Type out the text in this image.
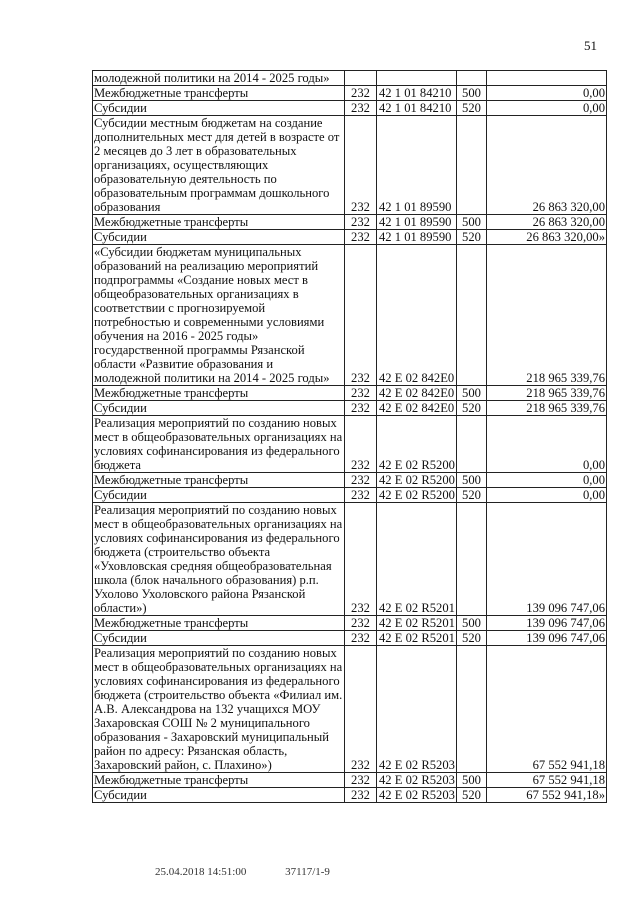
51
молодежной политики на 2014 - 2025 годы»				
Межбюджетные трансферты	232	42 1 01 84210	500	0,00
Субсидии	232	42 1 01 84210	520	0,00
Субсидии местным бюджетам на создание дополнительных мест для детей в возрасте от 2 месяцев до 3 лет в образовательных организациях, осуществляющих образовательную деятельность по образовательным программам дошкольного образования	232	42 1 01 89590		26 863 320,00
Межбюджетные трансферты	232	42 1 01 89590	500	26 863 320,00
Субсидии	232	42 1 01 89590	520	26 863 320,00»
«Субсидии бюджетам муниципальных образований на реализацию мероприятий подпрограммы «Создание новых мест в общеобразовательных организациях в соответствии с прогнозируемой потребностью и современными условиями обучения на 2016 - 2025 годы» государственной программы Рязанской области «Развитие образования и молодежной политики на 2014 - 2025 годы»	232	42 Е 02 842Е0		218 965 339,76
Межбюджетные трансферты	232	42 Е 02 842Е0	500	218 965 339,76
Субсидии	232	42 Е 02 842Е0	520	218 965 339,76
Реализация мероприятий по созданию новых мест в общеобразовательных организациях на условиях софинансирования из федерального бюджета	232	42 Е 02 R5200		0,00
Межбюджетные трансферты	232	42 Е 02 R5200	500	0,00
Субсидии	232	42 Е 02 R5200	520	0,00
Реализация мероприятий по созданию новых мест в общеобразовательных организациях на условиях софинансирования из федерального бюджета (строительство объекта «Уховловская средняя общеобразовательная школа (блок начального образования) р.п. Ухолово Ухоловского района Рязанской области»)	232	42 Е 02 R5201		139 096 747,06
Межбюджетные трансферты	232	42 Е 02 R5201	500	139 096 747,06
Субсидии	232	42 Е 02 R5201	520	139 096 747,06
Реализация мероприятий по созданию новых мест в общеобразовательных организациях на условиях софинансирования из федерального бюджета (строительство объекта «Филиал им. А.В. Александрова на 132 учащихся МОУ Захаровская СОШ № 2 муниципального образования - Захаровский муниципальный район по адресу: Рязанская область, Захаровский район, с. Плахино»)	232	42 Е 02 R5203		67 552 941,18
Межбюджетные трансферты	232	42 Е 02 R5203	500	67 552 941,18
Субсидии	232	42 Е 02 R5203	520	67 552 941,18»
25.04.2018 14:51:00	37117/1-9
